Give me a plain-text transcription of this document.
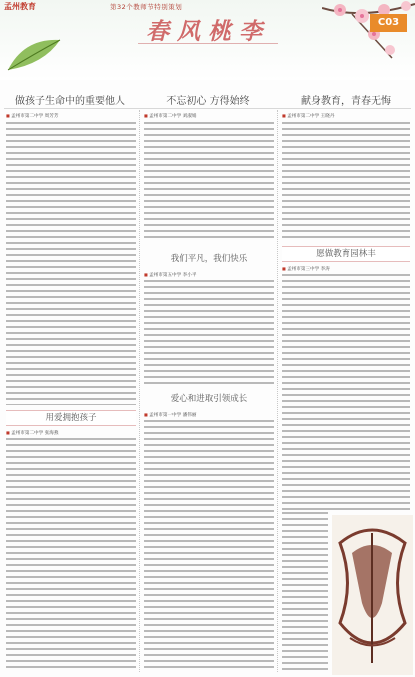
孟州教育	第32个教师节特别策划
春风桃李	C03
做孩子生命中的重要他人	不忘初心 方得始终	献身教育，青春无悔
■ 孟州市第二中学 周芳芳	■ 孟州市第二中学 刘淑娟	■ 孟州市第二中学 王晓丹
用爱拥抱孩子
■ 孟州市第二中学 张海燕
我们平凡，我们快乐
■ 孟州市第五中学 李小平
爱心和进取引领成长
■ 孟州市第一中学 潘伟丽
愿做教育园林丰
■ 孟州市第三中学 李涛
